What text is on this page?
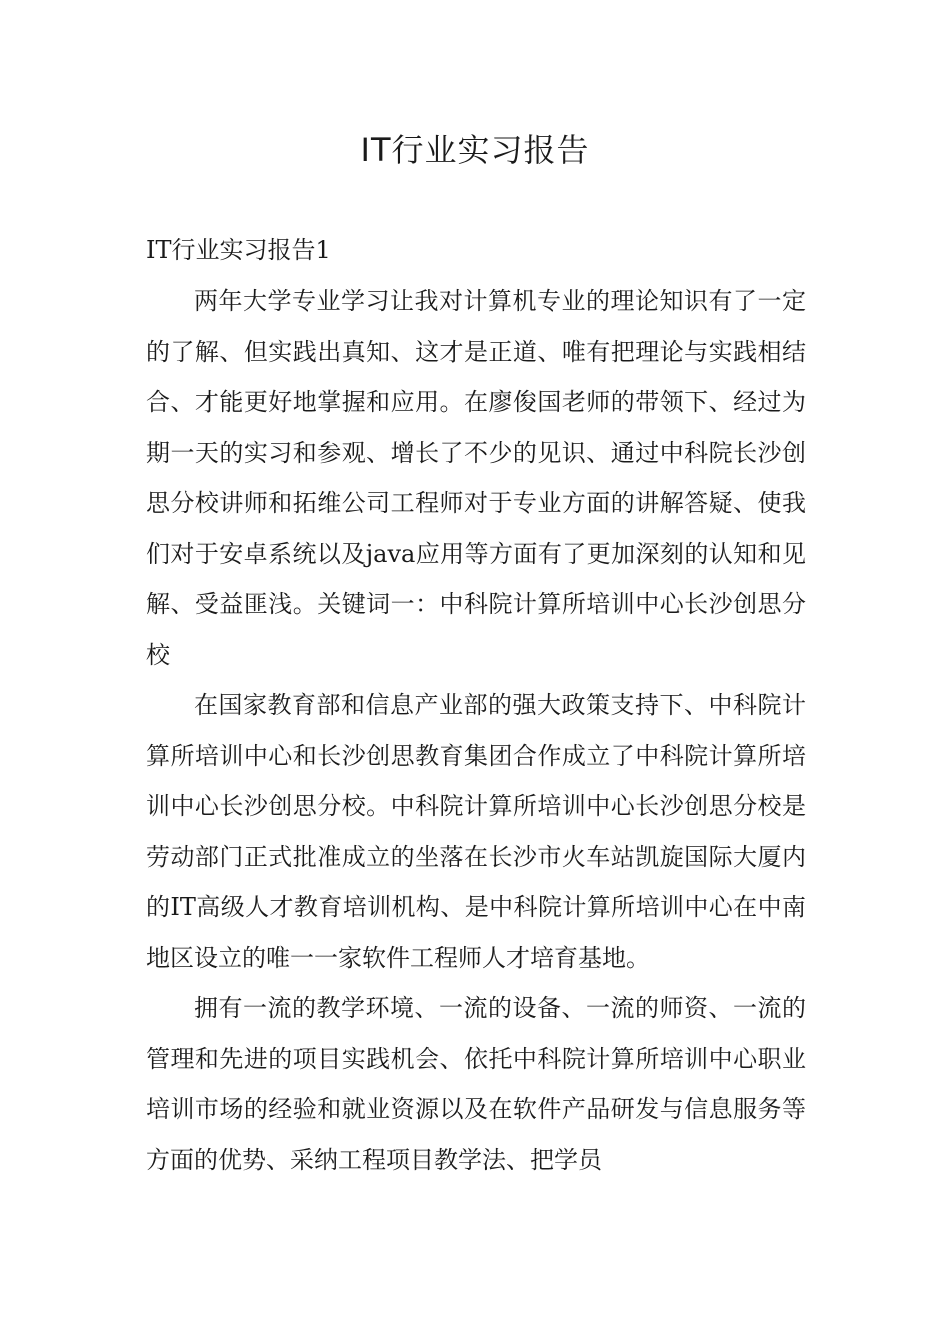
IT行业实习报告
IT行业实习报告1

两年大学专业学习让我对计算机专业的理论知识有了一定的了解、但实践出真知、这才是正道、唯有把理论与实践相结合、才能更好地掌握和应用。在廖俊国老师的带领下、经过为期一天的实习和参观、增长了不少的见识、通过中科院长沙创思分校讲师和拓维公司工程师对于专业方面的讲解答疑、使我们对于安卓系统以及java应用等方面有了更加深刻的认知和见解、受益匪浅。关键词一：中科院计算所培训中心长沙创思分校

在国家教育部和信息产业部的强大政策支持下、中科院计算所培训中心和长沙创思教育集团合作成立了中科院计算所培训中心长沙创思分校。中科院计算所培训中心长沙创思分校是劳动部门正式批准成立的坐落在长沙市火车站凯旋国际大厦内的IT高级人才教育培训机构、是中科院计算所培训中心在中南地区设立的唯一一家软件工程师人才培育基地。

拥有一流的教学环境、一流的设备、一流的师资、一流的管理和先进的项目实践机会、依托中科院计算所培训中心职业培训市场的经验和就业资源以及在软件产品研发与信息服务等方面的优势、采纳工程项目教学法、把学员
